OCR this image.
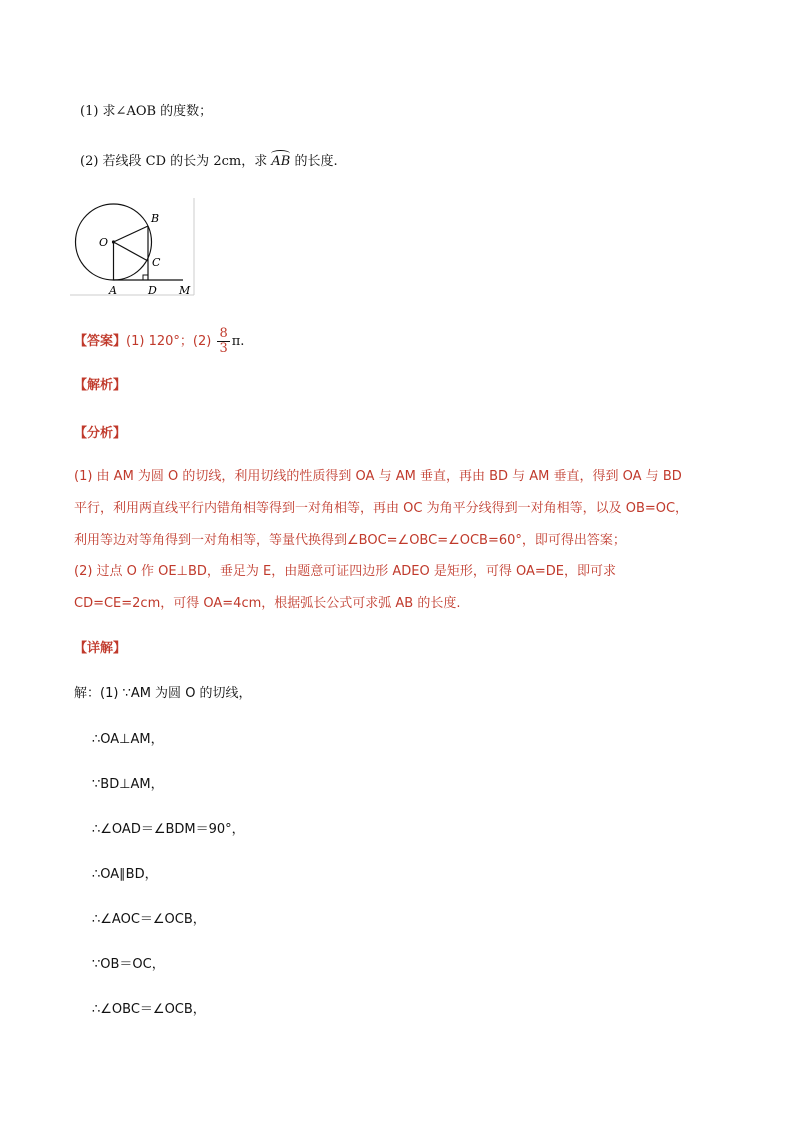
(1) 求∠AOB 的度数；
(2) 若线段 CD 的长为 2cm，求 AB 的长度.
O
B
C
A	D M
【答案】(1) 120°；$(2) \frac{8}{3} \pi$.
【解析】
【分析】
(1) 由 AM 为圆 O 的切线，利用切线的性质得到 OA 与 AM 垂直，再由 BD 与 AM 垂直，得到 OA 与 BD
平行，利用两直线平行内错角相等得到一对角相等，再由 OC 为角平分线得到一对角相等，以及 OB=OC，
利用等边对等角得到一对角相等，等量代换得到∠BOC=∠OBC=∠OCB=60°，即可得出答案；
(2) 过点 O 作 OE⊥BD，垂足为 E，由题意可证四边形 ADEO 是矩形，可得 OA=DE，即可求
CD=CE=2cm，可得 OA=4cm，根据弧长公式可求弧 AB 的长度.
【详解】
解：(1) ∵AM 为圆 O 的切线，
∴OA⊥AM，
∵BD⊥AM，
∴∠OAD＝∠BDM＝90°，
∴OA∥BD，
∴∠AOC＝∠OCB，
∵OB＝OC，
∴∠OBC＝∠OCB，
